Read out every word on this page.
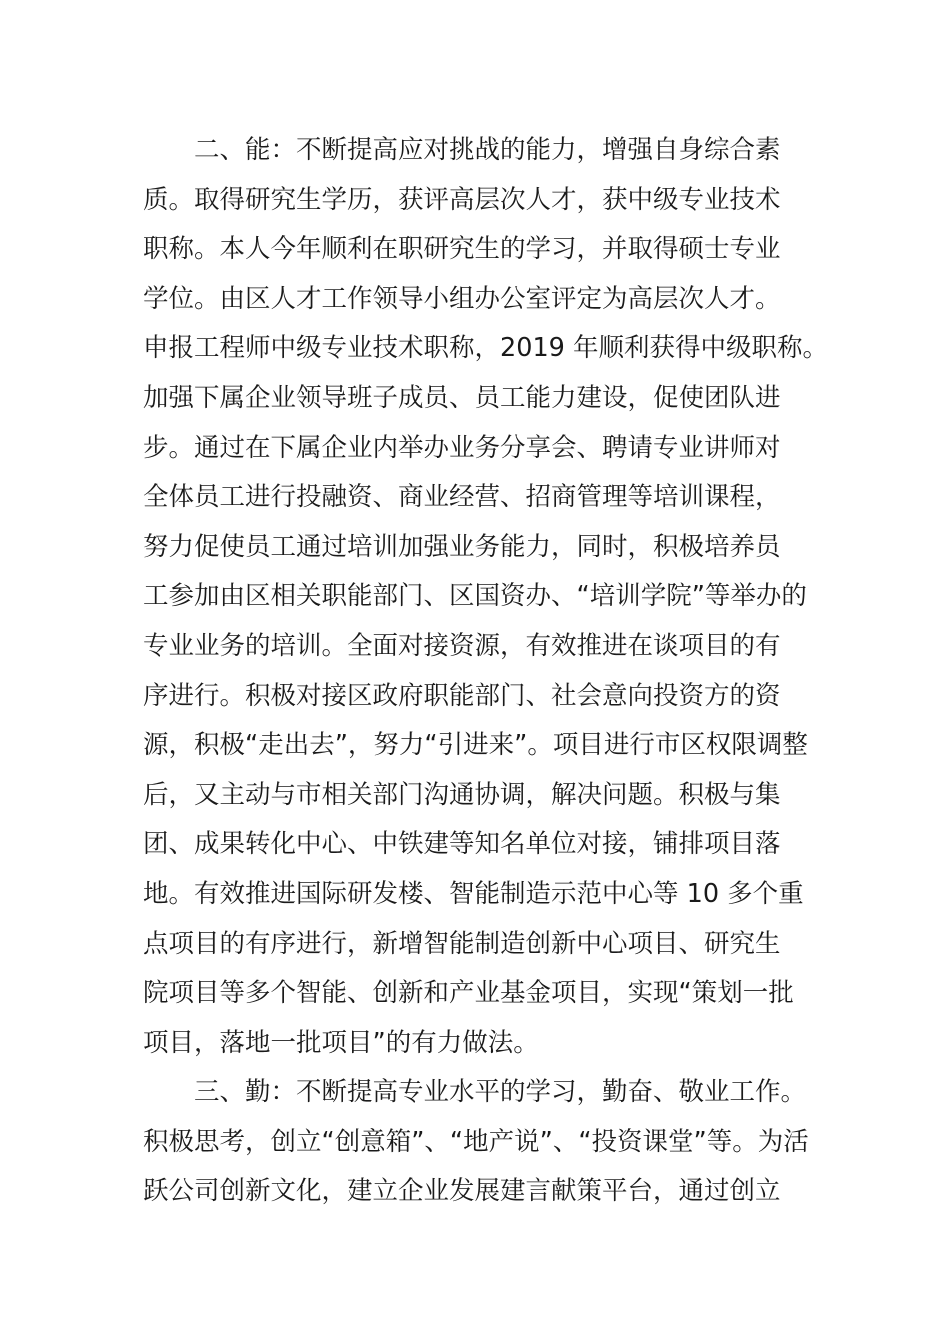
二、能：不断提高应对挑战的能力，增强自身综合素
质。取得研究生学历，获评高层次人才，获中级专业技术
职称。本人今年顺利在职研究生的学习，并取得硕士专业
学位。由区人才工作领导小组办公室评定为高层次人才。
申报工程师中级专业技术职称，2019 年顺利获得中级职称。
加强下属企业领导班子成员、员工能力建设，促使团队进
步。通过在下属企业内举办业务分享会、聘请专业讲师对
全体员工进行投融资、商业经营、招商管理等培训课程，
努力促使员工通过培训加强业务能力，同时，积极培养员
工参加由区相关职能部门、区国资办、“培训学院”等举办的
专业业务的培训。全面对接资源，有效推进在谈项目的有
序进行。积极对接区政府职能部门、社会意向投资方的资
源，积极“走出去”，努力“引进来”。项目进行市区权限调整
后，又主动与市相关部门沟通协调，解决问题。积极与集
团、成果转化中心、中铁建等知名单位对接，铺排项目落
地。有效推进国际研发楼、智能制造示范中心等 10 多个重
点项目的有序进行，新增智能制造创新中心项目、研究生
院项目等多个智能、创新和产业基金项目，实现“策划一批
项目，落地一批项目”的有力做法。
三、勤：不断提高专业水平的学习，勤奋、敬业工作。
积极思考，创立“创意箱”、“地产说”、“投资课堂”等。为活
跃公司创新文化，建立企业发展建言献策平台，通过创立
